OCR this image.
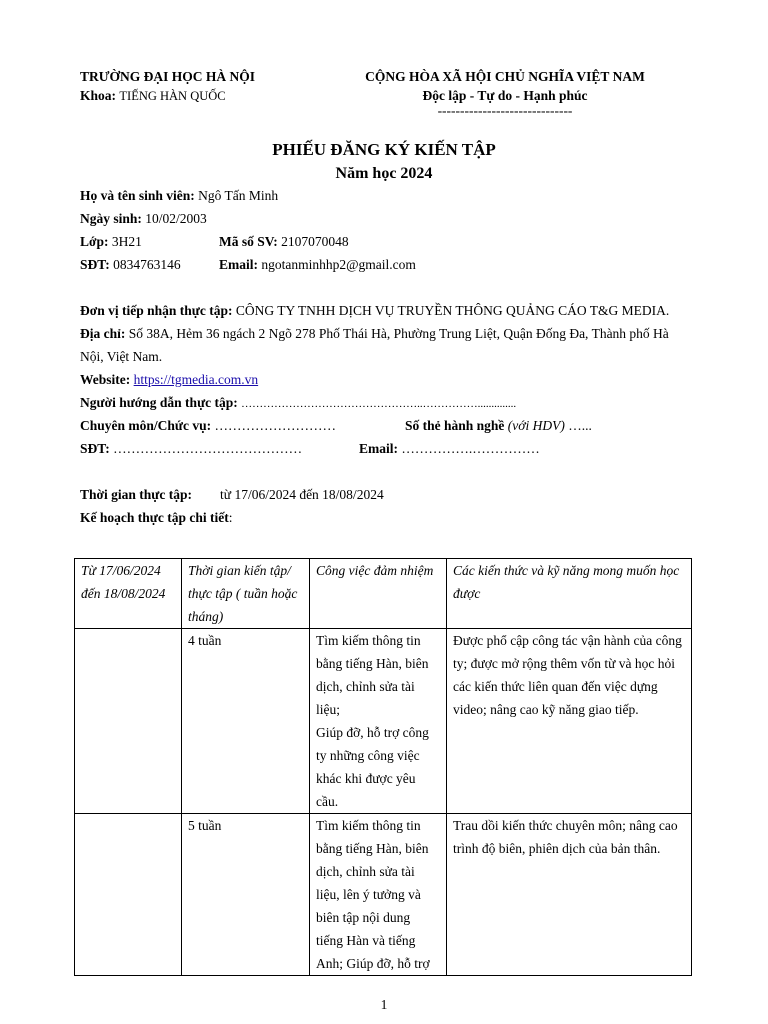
TRƯỜNG ĐẠI HỌC HÀ NỘI
Khoa: TIẾNG HÀN QUỐC
CỘNG HÒA XÃ HỘI CHỦ NGHĨA VIỆT NAM
Độc lập - Tự do - Hạnh phúc
------------------------------
PHIẾU ĐĂNG KÝ KIẾN TẬP
Năm học 2024
Họ và tên sinh viên: Ngô Tấn Minh
Ngày sinh: 10/02/2003
Lớp: 3H21	Mã số SV: 2107070048
SĐT: 0834763146	Email: ngotanminhhp2@gmail.com
Đơn vị tiếp nhận thực tập: CÔNG TY TNHH DỊCH VỤ TRUYỀN THÔNG QUẢNG CÁO T&G MEDIA.
Địa chỉ: Số 38A, Hẻm 36 ngách 2 Ngõ 278 Phố Thái Hà, Phường Trung Liệt, Quận Đống Đa, Thành phố Hà Nội, Việt Nam.
Website: https://tgmedia.com.vn
Người hướng dẫn thực tập: …………………………………………..……………..............
Chuyên môn/Chức vụ: ………………………	Số thẻ hành nghề (với HDV) …...
SĐT: ……………………………………	Email: …………….……………
Thời gian thực tập: từ 17/06/2024 đến 18/08/2024
Kế hoạch thực tập chi tiết:
Từ 17/06/2024 đến 18/08/2024	Thời gian kiến tập/ thực tập ( tuần hoặc tháng)	Công việc đảm nhiệm	Các kiến thức và kỹ năng mong muốn học được
	4 tuần	Tìm kiếm thông tin bằng tiếng Hàn, biên dịch, chỉnh sửa tài liệu;
Giúp đỡ, hỗ trợ công ty những công việc khác khi được yêu cầu.	Được phổ cập công tác vận hành của công ty; được mở rộng thêm vốn từ và học hỏi các kiến thức liên quan đến việc dựng video; nâng cao kỹ năng giao tiếp.
	5 tuần	Tìm kiếm thông tin bằng tiếng Hàn, biên dịch, chỉnh sửa tài liệu, lên ý tưởng và biên tập nội dung tiếng Hàn và tiếng Anh; Giúp đỡ, hỗ trợ	Trau dồi kiến thức chuyên môn; nâng cao trình độ biên, phiên dịch của bản thân.
1
